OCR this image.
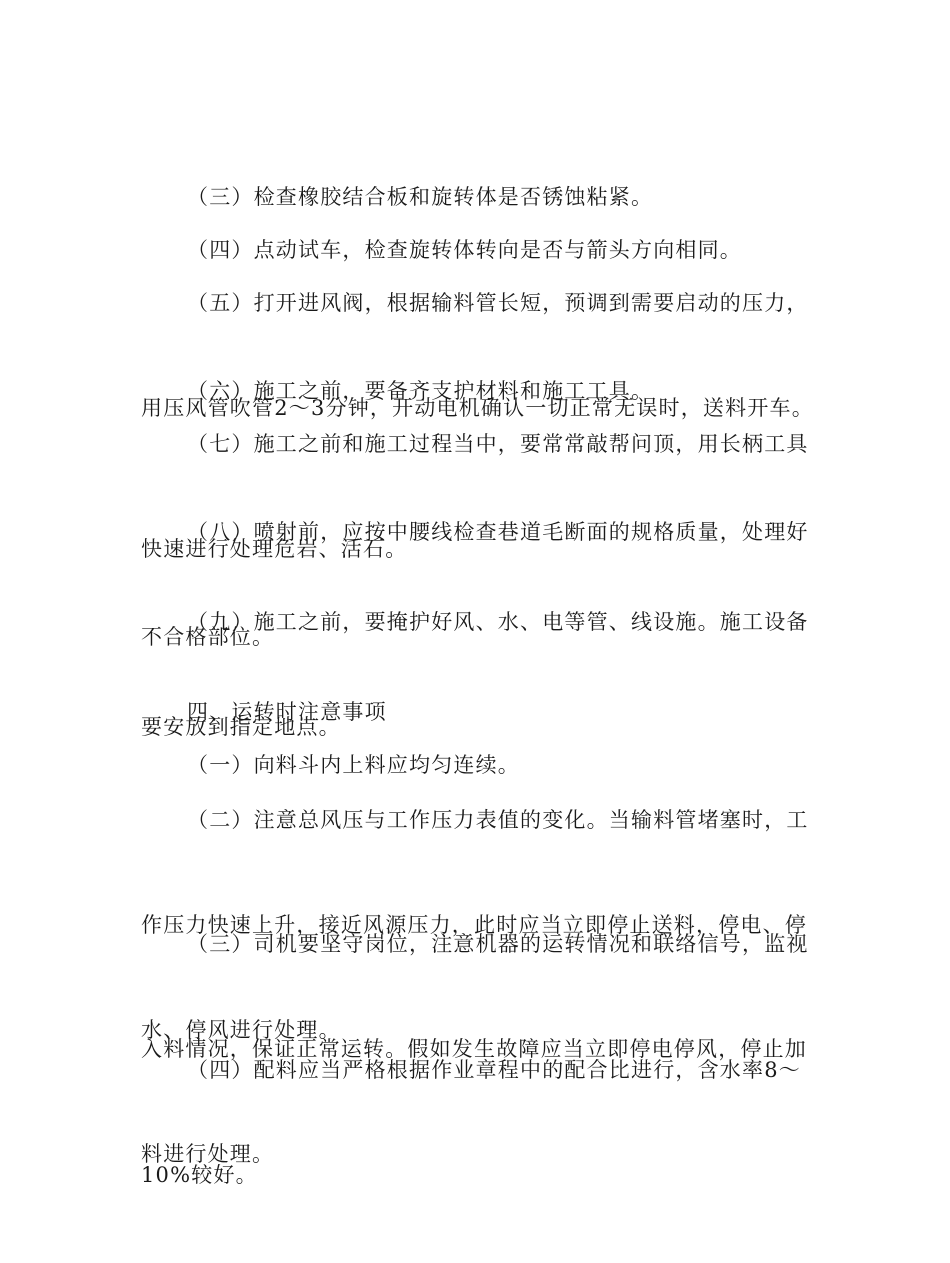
（三）检查橡胶结合板和旋转体是否锈蚀粘紧。

（四）点动试车，检查旋转体转向是否与箭头方向相同。

（五）打开进风阀，根据输料管长短，预调到需要启动的压力，

用压风管吹管2～3分钟，开动电机确认一切正常无误时，送料开车。

（六）施工之前，要备齐支护材料和施工工具。

（七）施工之前和施工过程当中，要常常敲帮问顶，用长柄工具

快速进行处理危岩、活石。

（八）喷射前，应按中腰线检查巷道毛断面的规格质量，处理好

不合格部位。

（九）施工之前，要掩护好风、水、电等管、线设施。施工设备

要安放到指定地点。

四、运转时注意事项

（一）向料斗内上料应均匀连续。

（二）注意总风压与工作压力表值的变化。当输料管堵塞时，工

作压力快速上升，接近风源压力，此时应当立即停止送料，停电、停

水、停风进行处理。

（三）司机要坚守岗位，注意机器的运转情况和联络信号，监视

入料情况，保证正常运转。假如发生故障应当立即停电停风，停止加

料进行处理。

（四）配料应当严格根据作业章程中的配合比进行，含水率8～

10%较好。
